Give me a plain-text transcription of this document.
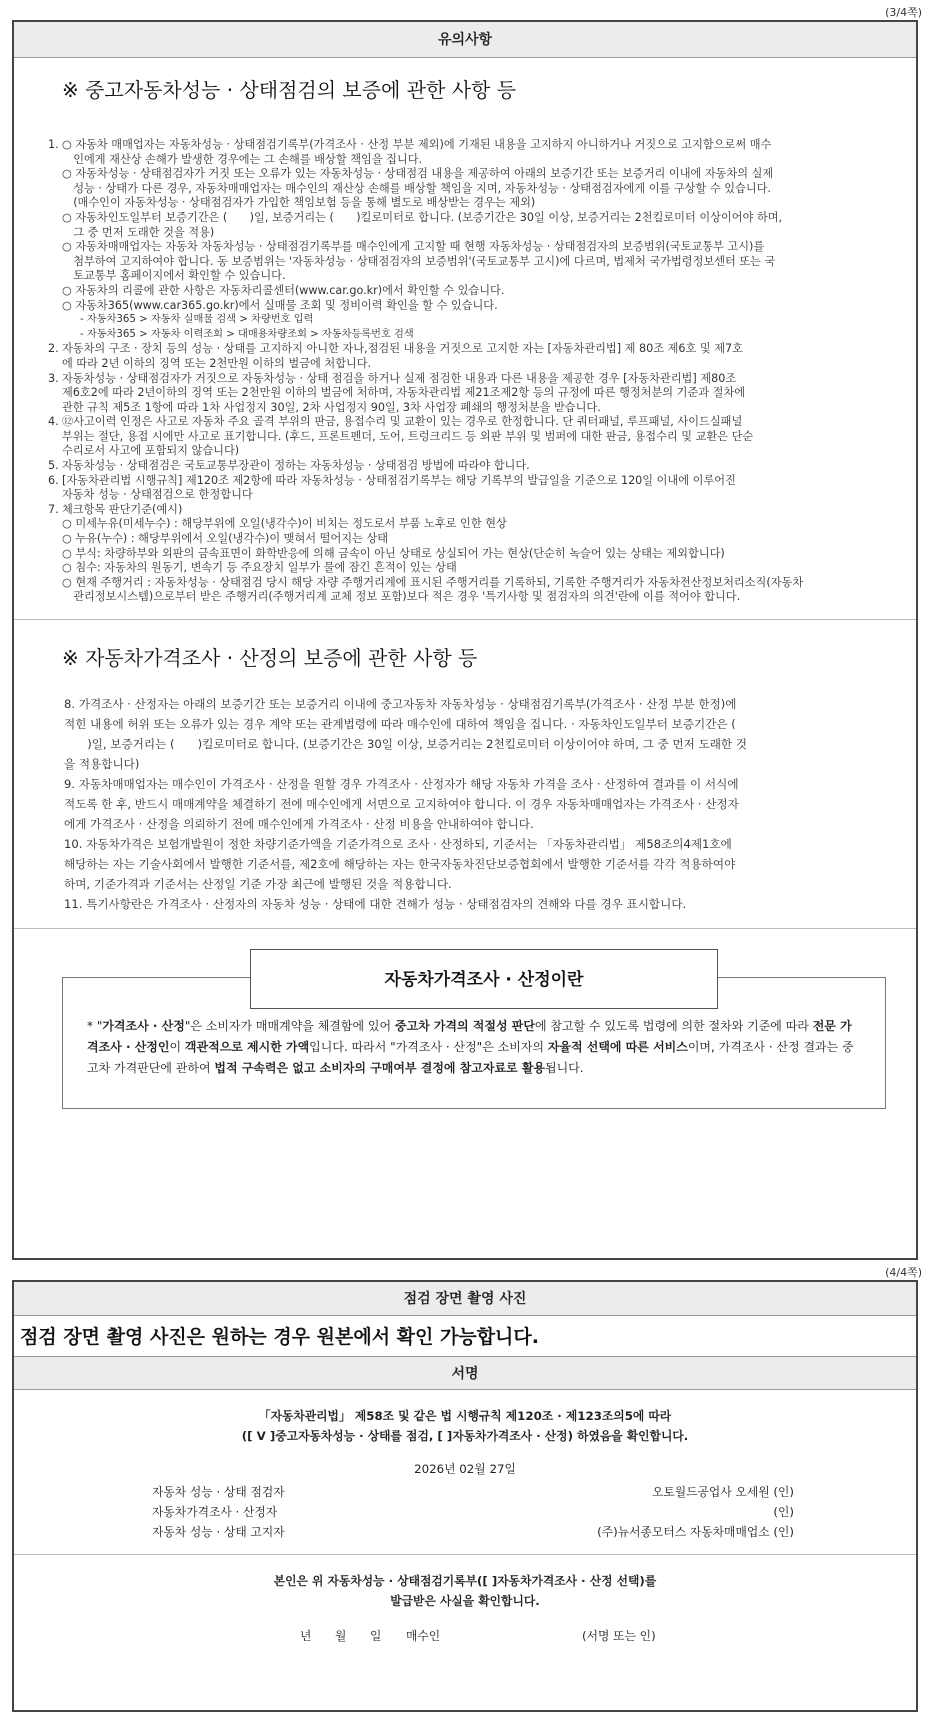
(3/4쪽)
유의사항
※ 중고자동차성능 · 상태점검의 보증에 관한 사항 등
1. ○ 자동차 매매업자는 자동차성능 · 상태점검기록부(가격조사 · 산정 부분 제외)에 기재된 내용을 고지하지 아니하거나 거짓으로 고지함으로써 매수
　인에게 재산상 손해가 발생한 경우에는 그 손해를 배상할 책임을 집니다.
○ 자동차성능 · 상태점검자가 거짓 또는 오류가 있는 자동차성능 · 상태점검 내용을 제공하여 아래의 보증기간 또는 보증거리 이내에 자동차의 실제
　성능 · 상태가 다른 경우, 자동차매매업자는 매수인의 재산상 손해를 배상할 책임을 지며, 자동차성능 · 상태점검자에게 이를 구상할 수 있습니다.
　(매수인이 자동차성능 · 상태점검자가 가입한 책임보험 등을 통해 별도로 배상받는 경우는 제외)
○ 자동차인도일부터 보증기간은 (　　)일, 보증거리는 (　　)킬로미터로 합니다. (보증기간은 30일 이상, 보증거리는 2천킬로미터 이상이어야 하며,
　그 중 먼저 도래한 것을 적용)
○ 자동차매매업자는 자동차 자동차성능 · 상태점검기록부를 매수인에게 고지할 때 현행 자동차성능 · 상태점검자의 보증범위(국토교통부 고시)를
　첨부하여 고지하여야 합니다. 동 보증범위는 '자동차성능 · 상태점검자의 보증범위'(국토교통부 고시)에 다르며, 법제처 국가법령정보센터 또는 국
　토교통부 홈페이지에서 확인할 수 있습니다.
○ 자동차의 리콜에 관한 사항은 자동차리콜센터(www.car.go.kr)에서 확인할 수 있습니다.
○ 자동차365(www.car365.go.kr)에서 실매물 조회 및 정비이력 확인을 할 수 있습니다.
- 자동차365 > 자동차 실매물 검색 > 차량번호 입력
- 자동차365 > 자동차 이력조회 > 대매용차량조회 > 자동차등록번호 검색
2. 자동차의 구조 · 장치 등의 성능 · 상태를 고지하지 아니한 자나,점검된 내용을 거짓으로 고지한 자는 [자동차관리법] 제 80조 제6호 및 제7호
에 따라 2년 이하의 징역 또는 2천만원 이하의 벌금에 처합니다.
3. 자동차성능 · 상태점검자가 거짓으로 자동차성능 · 상태 점검을 하거나 실제 점검한 내용과 다른 내용을 제공한 경우 [자동차관리법] 제80조
제6호2에 따라 2년이하의 징역 또는 2천만원 이하의 벌금에 처하며, 자동차관리법 제21조제2항 등의 규정에 따른 행정처분의 기준과 절차에
관한 규칙 제5조 1항에 따라 1차 사업정지 30일, 2차 사업정지 90일, 3차 사업장 폐쇄의 행정처분을 받습니다.
4. ⑫사고이력 인정은 사고로 자동차 주요 골격 부위의 판금, 용접수리 및 교환이 있는 경우로 한정합니다. 단 쿼터패널, 루프패널, 사이드실패널
부위는 절단, 용접 시에만 사고로 표기합니다. (후드, 프론트펜더, 도어, 트렁크리드 등 외판 부위 및 범퍼에 대한 판금, 용접수리 및 교환은 단순
수리로서 사고에 포함되지 않습니다)
5. 자동차성능 · 상태점검은 국토교통부장관이 정하는 자동차성능 · 상태점검 방법에 따라야 합니다.
6. [자동차관리법 시행규칙] 제120조 제2항에 따라 자동차성능 · 상태점검기록부는 해당 기록부의 발급일을 기준으로 120일 이내에 이루어진
자동차 성능 · 상태점검으로 한정합니다
7. 체크항목 판단기준(예시)
○ 미세누유(미세누수) : 해당부위에 오일(냉각수)이 비치는 정도로서 부품 노후로 인한 현상
○ 누유(누수) : 해당부위에서 오일(냉각수)이 맺혀서 떨어지는 상태
○ 부식: 차량하부와 외판의 금속표면이 화학반응에 의해 금속이 아닌 상태로 상실되어 가는 현상(단순히 녹슬어 있는 상태는 제외합니다)
○ 침수: 자동차의 원동기, 변속기 등 주요장치 일부가 물에 잠긴 흔적이 있는 상태
○ 현재 주행거리 : 자동차성능 · 상태점검 당시 해당 자량 주행거리계에 표시된 주행거리를 기록하되, 기록한 주행거리가 자동차전산정보처리소직(자동차
　관리정보시스템)으로부터 받은 주행거리(주행거리계 교체 정보 포함)보다 적은 경우 '특기사항 및 점검자의 의견'란에 이를 적어야 합니다.
※ 자동차가격조사 · 산정의 보증에 관한 사항 등
8. 가격조사 · 산정자는 아래의 보증기간 또는 보증거리 이내에 중고자동차 자동차성능 · 상태점검기록부(가격조사 · 산정 부분 한정)에
적힌 내용에 허위 또는 오류가 있는 경우 계약 또는 관계법령에 따라 매수인에 대하여 책임을 집니다. · 자동차인도일부터 보증기간은 (
　　)일, 보증거리는 (　　)킬로미터로 합니다. (보증기간은 30일 이상, 보증거리는 2천킬로미터 이상이어야 하며, 그 중 먼저 도래한 것
을 적용합니다)
9. 자동차매매업자는 매수인이 가격조사 · 산정을 원할 경우 가격조사 · 산정자가 해당 자동차 가격을 조사 · 산정하여 결과를 이 서식에
적도록 한 후, 반드시 매매계약을 체결하기 전에 매수인에게 서면으로 고지하여야 합니다. 이 경우 자동차매매업자는 가격조사 · 산정자
에게 가격조사 · 산정을 의뢰하기 전에 매수인에게 가격조사 · 산정 비용을 안내하여야 합니다.
10. 자동차가격은 보험개발원이 정한 차량기준가액을 기준가격으로 조사 · 산정하되, 기준서는 「자동차관리법」 제58조의4제1호에
해당하는 자는 기술사회에서 발행한 기준서를, 제2호에 해당하는 자는 한국자동차진단보증협회에서 발행한 기준서를 각각 적용하여야
하며, 기준가격과 기준서는 산정일 기준 가장 최근에 발행된 것을 적용합니다.
11. 특기사항란은 가격조사 · 산정자의 자동차 성능 · 상태에 대한 견해가 성능 · 상태점검자의 견해와 다를 경우 표시합니다.
자동차가격조사 · 산정이란
* "가격조사 · 산정"은 소비자가 매매계약을 체결함에 있어 중고차 가격의 적절성 판단에 참고할 수 있도록 법령에 의한 절차와 기준에 따라 전문 가격조사 · 산정인이 객관적으로 제시한 가액입니다. 따라서 "가격조사 · 산정"은 소비자의 자율적 선택에 따른 서비스이며, 가격조사 · 산정 결과는 중고차 가격판단에 관하여 법적 구속력은 없고 소비자의 구매여부 결정에 참고자료로 활용됩니다.
(4/4쪽)
점검 장면 촬영 사진
점검 장면 촬영 사진은 원하는 경우 원본에서 확인 가능합니다.
서명
「자동차관리법」 제58조 및 같은 법 시행규칙 제120조 · 제123조의5에 따라
([ V ]중고자동차성능 · 상태를 점검, [ ]자동차가격조사 · 산정) 하였음을 확인합니다.
2026년 02월 27일
자동차 성능 · 상태 점검자	오토월드공업사 오세원 (인)
자동차가격조사 · 산정자	(인)
자동차 성능 · 상태 고지자	(주)뉴서종모터스 자동차매매업소 (인)
본인은 위 자동차성능 · 상태점검기록부([ ]자동차가격조사 · 산정 선택)를
발급받은 사실을 확인합니다.
년　　월　　일 매수인	(서명 또는 인)
